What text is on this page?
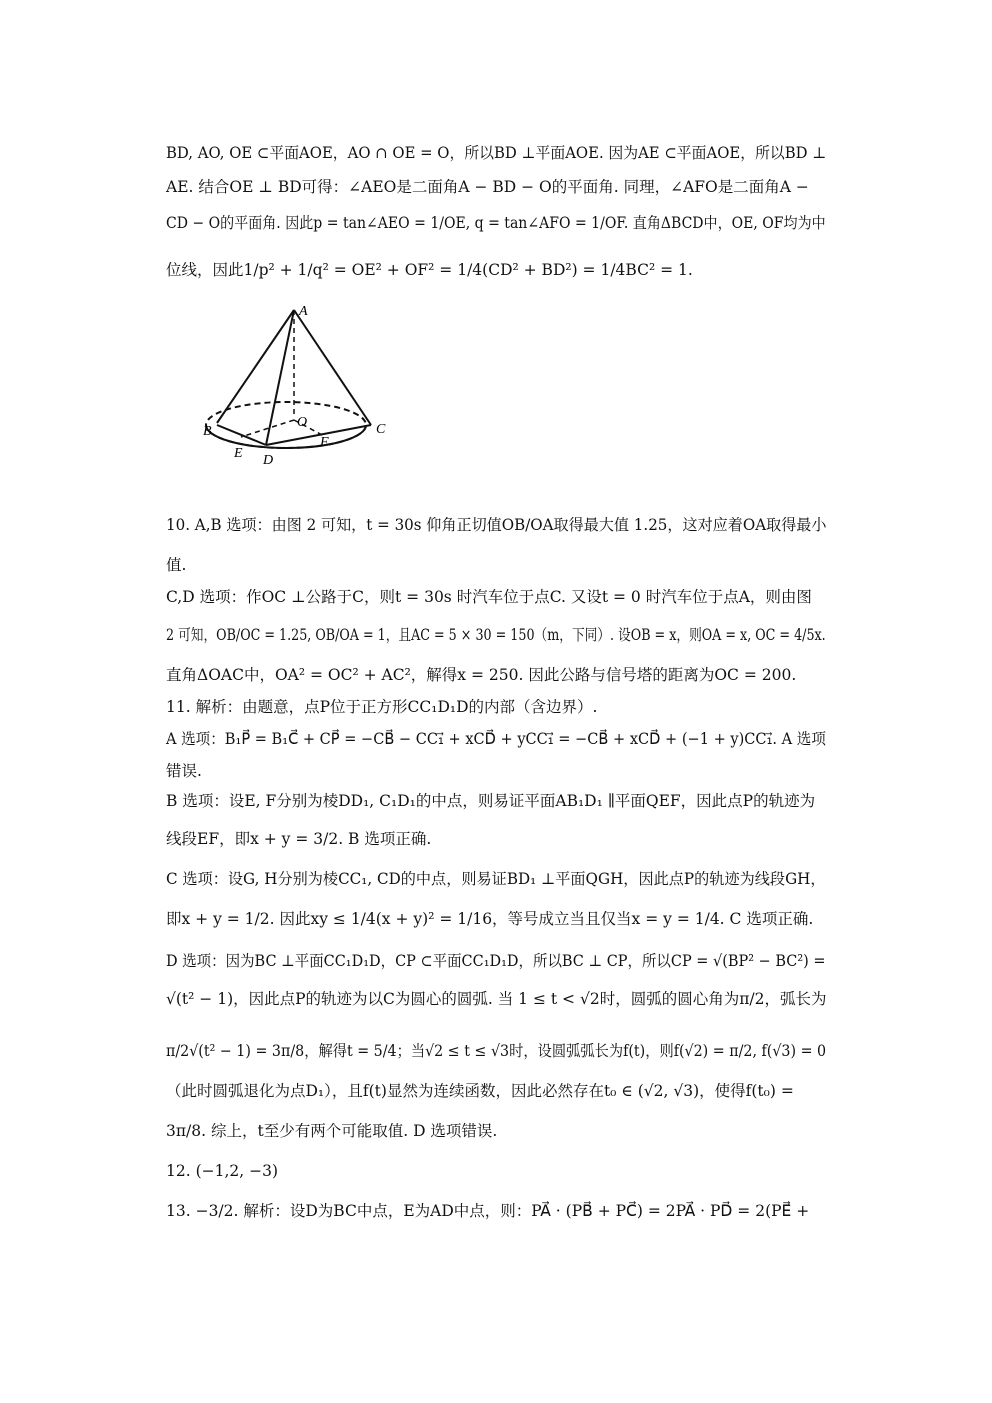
BD, AO, OE ⊂平面AOE，AO ∩ OE = O，所以BD ⊥平面AOE. 因为AE ⊂平面AOE，所以BD ⊥
AE. 结合OE ⊥ BD可得：∠AEO是二面角A − BD − O的平面角. 同理，∠AFO是二面角A −
CD − O的平面角. 因此p = tan∠AEO = 1/OE, q = tan∠AFO = 1/OF. 直角ΔBCD中，OE, OF均为中
位线，因此1/p² + 1/q² = OE² + OF² = 1/4(CD² + BD²) = 1/4BC² = 1.
A
B	C
D
E
F
O
10. A,B 选项：由图 2 可知，t = 30s 仰角正切值OB/OA取得最大值 1.25，这对应着OA取得最小
值.
C,D 选项：作OC ⊥公路于C，则t = 30s 时汽车位于点C. 又设t = 0 时汽车位于点A，则由图
2 可知，OB/OC = 1.25, OB/OA = 1，且AC = 5 × 30 = 150（m，下同）. 设OB = x，则OA = x, OC = 4/5x.
直角ΔOAC中，OA² = OC² + AC²，解得x = 250. 因此公路与信号塔的距离为OC = 200.
11. 解析：由题意，点P位于正方形CC₁D₁D的内部（含边界）.
A 选项：B₁P⃗ = B₁C⃗ + CP⃗ = −CB⃗ − CC₁⃗ + xCD⃗ + yCC₁⃗ = −CB⃗ + xCD⃗ + (−1 + y)CC₁⃗. A 选项
错误.
B 选项：设E, F分别为棱DD₁, C₁D₁的中点，则易证平面AB₁D₁ ∥平面QEF，因此点P的轨迹为
线段EF，即x + y = 3/2. B 选项正确.
C 选项：设G, H分别为棱CC₁, CD的中点，则易证BD₁ ⊥平面QGH，因此点P的轨迹为线段GH，
即x + y = 1/2. 因此xy ≤ 1/4(x + y)² = 1/16，等号成立当且仅当x = y = 1/4. C 选项正确.
D 选项：因为BC ⊥平面CC₁D₁D，CP ⊂平面CC₁D₁D，所以BC ⊥ CP，所以CP = √(BP² − BC²) =
√(t² − 1)，因此点P的轨迹为以C为圆心的圆弧. 当 1 ≤ t < √2时，圆弧的圆心角为π/2，弧长为
π/2√(t² − 1) = 3π/8，解得t = 5/4；当√2 ≤ t ≤ √3时，设圆弧弧长为f(t)，则f(√2) = π/2, f(√3) = 0
（此时圆弧退化为点D₁），且f(t)显然为连续函数，因此必然存在t₀ ∈ (√2, √3)，使得f(t₀) =
3π/8. 综上，t至少有两个可能取值. D 选项错误.
12. (−1,2, −3)
13. −3/2. 解析：设D为BC中点，E为AD中点，则：PA⃗ · (PB⃗ + PC⃗) = 2PA⃗ · PD⃗ = 2(PE⃗ +
